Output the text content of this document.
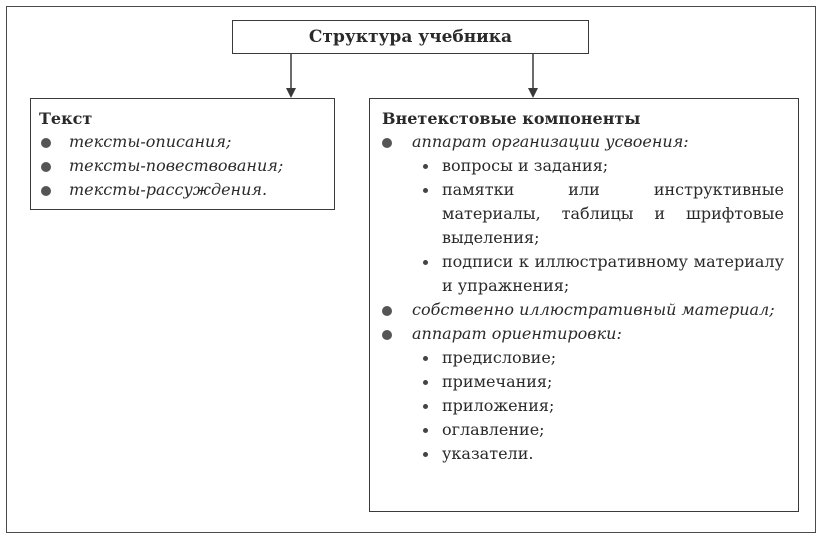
Структура учебника
Текст
тексты-описания;
тексты-повествования;
тексты-рассуждения.
Внетекстовые компоненты
аппарат организации усвоения:
вопросы и задания;
памятки или инструктивные материалы, таблицы и шрифтовые выделения;
подписи к иллюстративному материалу и упражнения;
собственно иллюстративный материал;
аппарат ориентировки:
предисловие;
примечания;
приложения;
оглавление;
указатели.
